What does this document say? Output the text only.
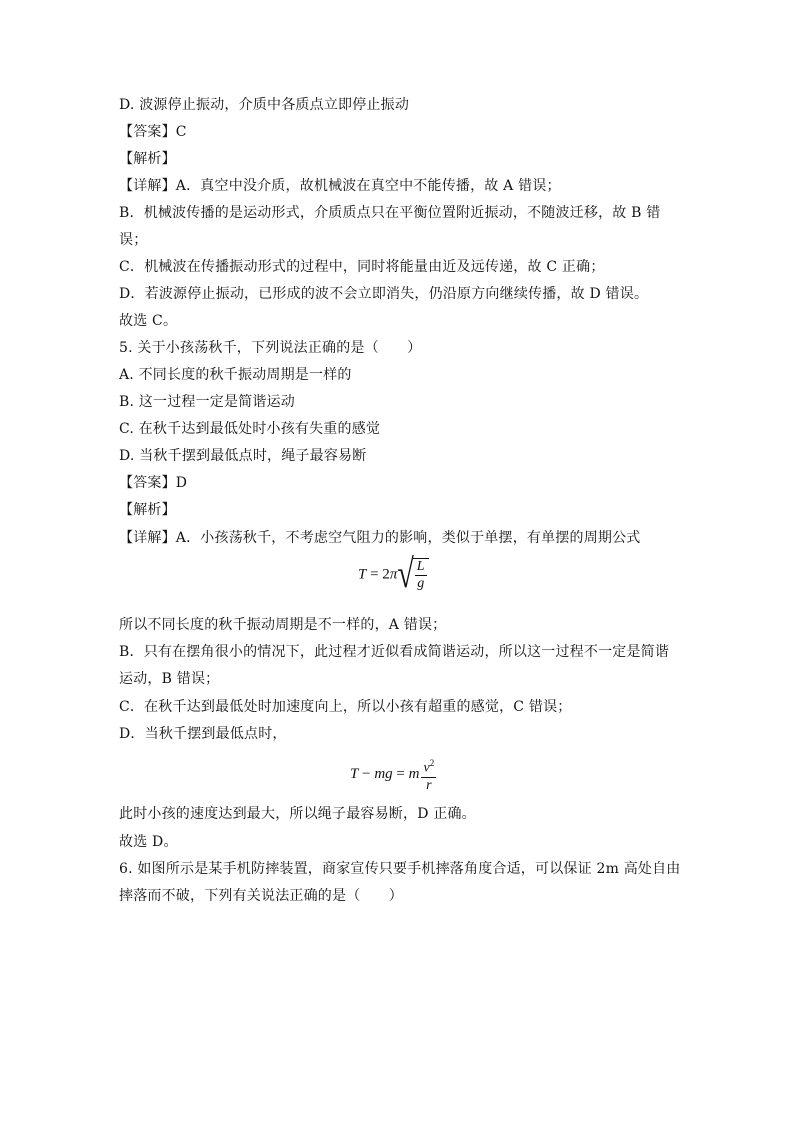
D. 波源停止振动，介质中各质点立即停止振动
【答案】C
【解析】
【详解】A．真空中没介质，故机械波在真空中不能传播，故 A 错误；
B．机械波传播的是运动形式，介质质点只在平衡位置附近振动，不随波迁移，故 B 错
误；
C．机械波在传播振动形式的过程中，同时将能量由近及远传递，故 C 正确；
D．若波源停止振动，已形成的波不会立即消失，仍沿原方向继续传播，故 D 错误。
故选 C。
5. 关于小孩荡秋千，下列说法正确的是（　　）
A. 不同长度的秋千振动周期是一样的
B. 这一过程一定是简谐运动
C. 在秋千达到最低处时小孩有失重的感觉
D. 当秋千摆到最低点时，绳子最容易断
【答案】D
【解析】
【详解】A．小孩荡秋千，不考虑空气阻力的影响，类似于单摆，有单摆的周期公式
$T = 2\pi√ \frac{L}{g}$
所以不同长度的秋千振动周期是不一样的，A 错误；
B．只有在摆角很小的情况下，此过程才近似看成简谐运动，所以这一过程不一定是简谐
运动，B 错误；
C．在秋千达到最低处时加速度向上，所以小孩有超重的感觉，C 错误；
D．当秋千摆到最低点时，
T − mg = m $\frac{v^2}{r}$
此时小孩的速度达到最大，所以绳子最容易断，D 正确。
故选 D。
6. 如图所示是某手机防摔装置，商家宣传只要手机摔落角度合适，可以保证 2m 高处自由
摔落而不破，下列有关说法正确的是（　　）
